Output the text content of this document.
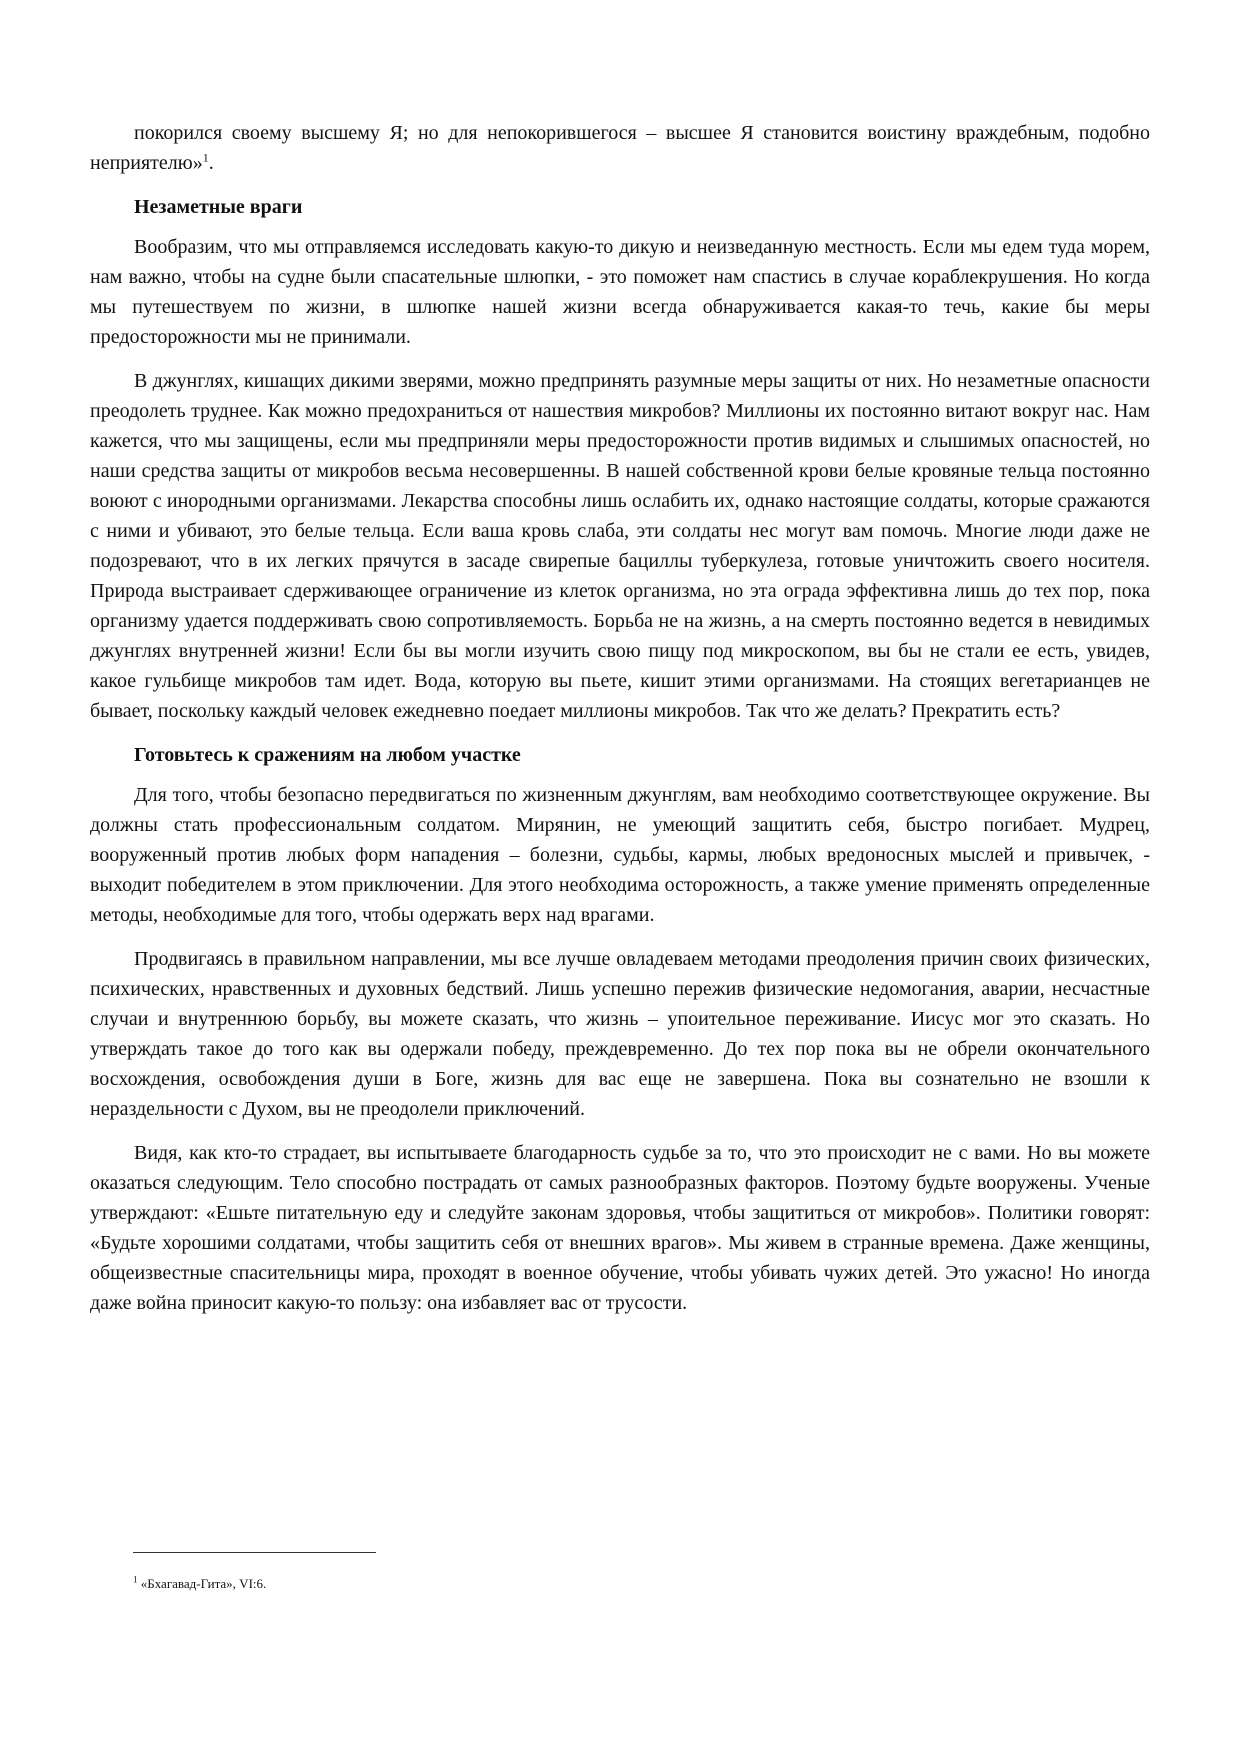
покорился своему высшему Я; но для непокорившегося – высшее Я становится воистину враждебным, подобно неприятелю»$^1$.

Незаметные враги

Вообразим, что мы отправляемся исследовать какую-то дикую и неизведанную местность. Если мы едем туда морем, нам важно, чтобы на судне были спасательные шлюпки, - это поможет нам спастись в случае кораблекрушения. Но когда мы путешествуем по жизни, в шлюпке нашей жизни всегда обнаруживается какая-то течь, какие бы меры предосторожности мы не принимали.

В джунглях, кишащих дикими зверями, можно предпринять разумные меры защиты от них. Но незаметные опасности преодолеть труднее. Как можно предохраниться от нашествия микробов? Миллионы их постоянно витают вокруг нас. Нам кажется, что мы защищены, если мы предприняли меры предосторожности против видимых и слышимых опасностей, но наши средства защиты от микробов весьма несовершенны. В нашей собственной крови белые кровяные тельца постоянно воюют с инородными организмами. Лекарства способны лишь ослабить их, однако настоящие солдаты, которые сражаются с ними и убивают, это белые тельца. Если ваша кровь слаба, эти солдаты нес могут вам помочь. Многие люди даже не подозревают, что в их легких прячутся в засаде свирепые бациллы туберкулеза, готовые уничтожить своего носителя. Природа выстраивает сдерживающее ограничение из клеток организма, но эта ограда эффективна лишь до тех пор, пока организму удается поддерживать свою сопротивляемость. Борьба не на жизнь, а на смерть постоянно ведется в невидимых джунглях внутренней жизни! Если бы вы могли изучить свою пищу под микроскопом, вы бы не стали ее есть, увидев, какое гульбище микробов там идет. Вода, которую вы пьете, кишит этими организмами. На стоящих вегетарианцев не бывает, поскольку каждый человек ежедневно поедает миллионы микробов. Так что же делать? Прекратить есть?

Готовьтесь к сражениям на любом участке

Для того, чтобы безопасно передвигаться по жизненным джунглям, вам необходимо соответствующее окружение. Вы должны стать профессиональным солдатом. Мирянин, не умеющий защитить себя, быстро погибает. Мудрец, вооруженный против любых форм нападения – болезни, судьбы, кармы, любых вредоносных мыслей и привычек, - выходит победителем в этом приключении. Для этого необходима осторожность, а также умение применять определенные методы, необходимые для того, чтобы одержать верх над врагами.

Продвигаясь в правильном направлении, мы все лучше овладеваем методами преодоления причин своих физических, психических, нравственных и духовных бедствий. Лишь успешно пережив физические недомогания, аварии, несчастные случаи и внутреннюю борьбу, вы можете сказать, что жизнь – упоительное переживание. Иисус мог это сказать. Но утверждать такое до того как вы одержали победу, преждевременно. До тех пор пока вы не обрели окончательного восхождения, освобождения души в Боге, жизнь для вас еще не завершена. Пока вы сознательно не взошли к нераздельности с Духом, вы не преодолели приключений.

Видя, как кто-то страдает, вы испытываете благодарность судьбе за то, что это происходит не с вами. Но вы можете оказаться следующим. Тело способно пострадать от самых разнообразных факторов. Поэтому будьте вооружены. Ученые утверждают: «Ешьте питательную еду и следуйте законам здоровья, чтобы защититься от микробов». Политики говорят: «Будьте хорошими солдатами, чтобы защитить себя от внешних врагов». Мы живем в странные времена. Даже женщины, общеизвестные спасительницы мира, проходят в военное обучение, чтобы убивать чужих детей. Это ужасно! Но иногда даже война приносит какую-то пользу: она избавляет вас от трусости.

$^1$ «Бхагавад-Гита», VI:6.
